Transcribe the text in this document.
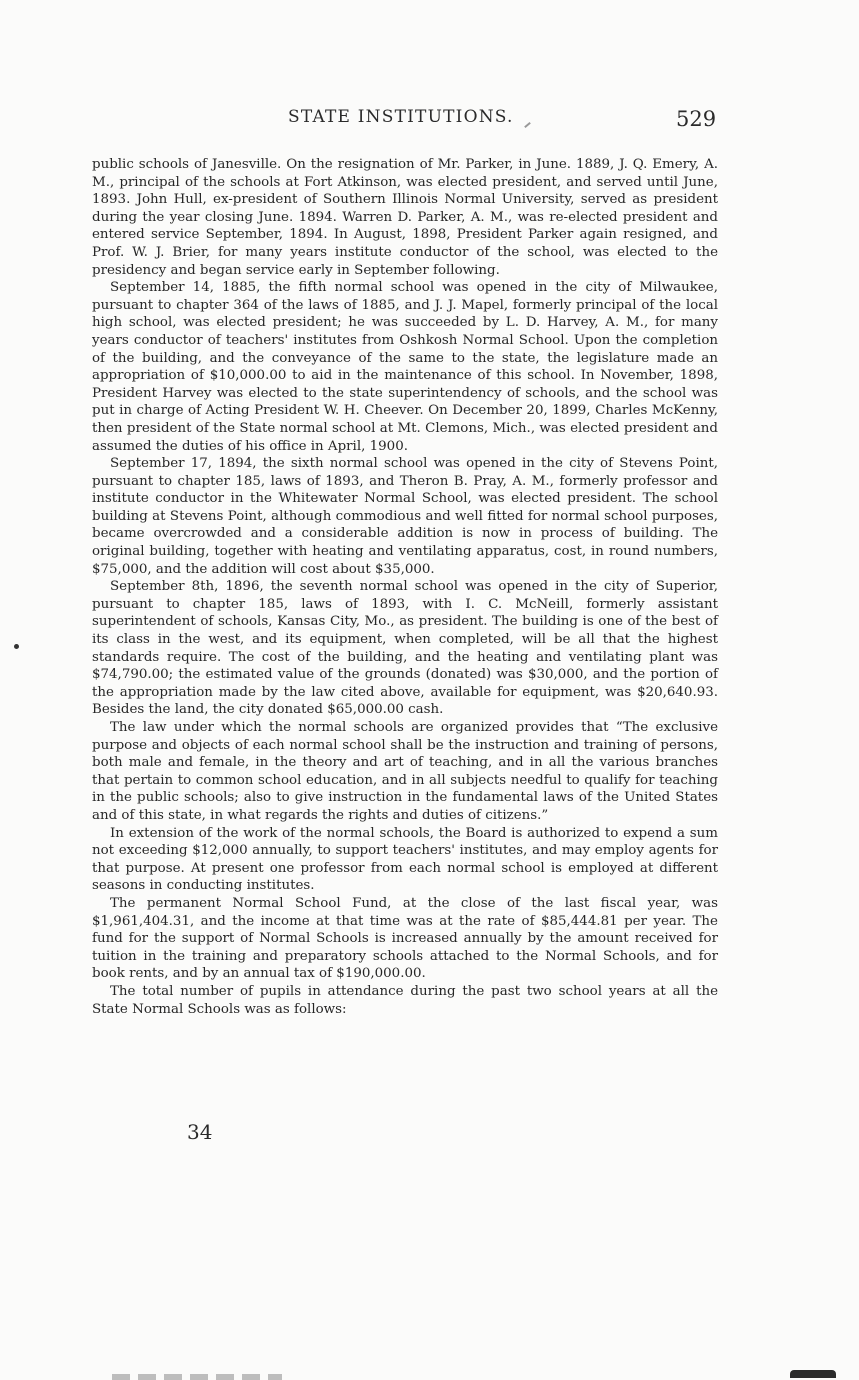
STATE INSTITUTIONS.	529

public schools of Janesville. On the resignation of Mr. Parker, in June. 1889, J. Q. Emery, A. M., principal of the schools at Fort Atkinson, was elected president, and served until June, 1893. John Hull, ex-president of Southern Illinois Normal University, served as president during the year closing June. 1894. Warren D. Parker, A. M., was re-elected president and entered service September, 1894. In August, 1898, President Parker again resigned, and Prof. W. J. Brier, for many years institute conductor of the school, was elected to the presidency and began service early in September following.

September 14, 1885, the fifth normal school was opened in the city of Milwaukee, pursuant to chapter 364 of the laws of 1885, and J. J. Mapel, formerly principal of the local high school, was elected president; he was succeeded by L. D. Harvey, A. M., for many years conductor of teachers' institutes from Oshkosh Normal School. Upon the completion of the building, and the conveyance of the same to the state, the legislature made an appropriation of $10,000.00 to aid in the maintenance of this school. In November, 1898, President Harvey was elected to the state superintendency of schools, and the school was put in charge of Acting President W. H. Cheever. On December 20, 1899, Charles McKenny, then president of the State normal school at Mt. Clemons, Mich., was elected president and assumed the duties of his office in April, 1900.

September 17, 1894, the sixth normal school was opened in the city of Stevens Point, pursuant to chapter 185, laws of 1893, and Theron B. Pray, A. M., formerly professor and institute conductor in the Whitewater Normal School, was elected president. The school building at Stevens Point, although commodious and well fitted for normal school purposes, became overcrowded and a considerable addition is now in process of building. The original building, together with heating and ventilating apparatus, cost, in round numbers, $75,000, and the addition will cost about $35,000.

September 8th, 1896, the seventh normal school was opened in the city of Superior, pursuant to chapter 185, laws of 1893, with I. C. McNeill, formerly assistant superintendent of schools, Kansas City, Mo., as president. The building is one of the best of its class in the west, and its equipment, when completed, will be all that the highest standards require. The cost of the building, and the heating and ventilating plant was $74,790.00; the estimated value of the grounds (donated) was $30,000, and the portion of the appropriation made by the law cited above, available for equipment, was $20,640.93. Besides the land, the city donated $65,000.00 cash.

The law under which the normal schools are organized provides that “The exclusive purpose and objects of each normal school shall be the instruction and training of persons, both male and female, in the theory and art of teaching, and in all the various branches that pertain to common school education, and in all subjects needful to qualify for teaching in the public schools; also to give instruction in the fundamental laws of the United States and of this state, in what regards the rights and duties of citizens.”

In extension of the work of the normal schools, the Board is authorized to expend a sum not exceeding $12,000 annually, to support teachers' institutes, and may employ agents for that purpose. At present one professor from each normal school is employed at different seasons in conducting institutes.

The permanent Normal School Fund, at the close of the last fiscal year, was $1,961,404.31, and the income at that time was at the rate of $85,444.81 per year. The fund for the support of Normal Schools is increased annually by the amount received for tuition in the training and preparatory schools attached to the Normal Schools, and for book rents, and by an annual tax of $190,000.00.

The total number of pupils in attendance during the past two school years at all the State Normal Schools was as follows:

34
